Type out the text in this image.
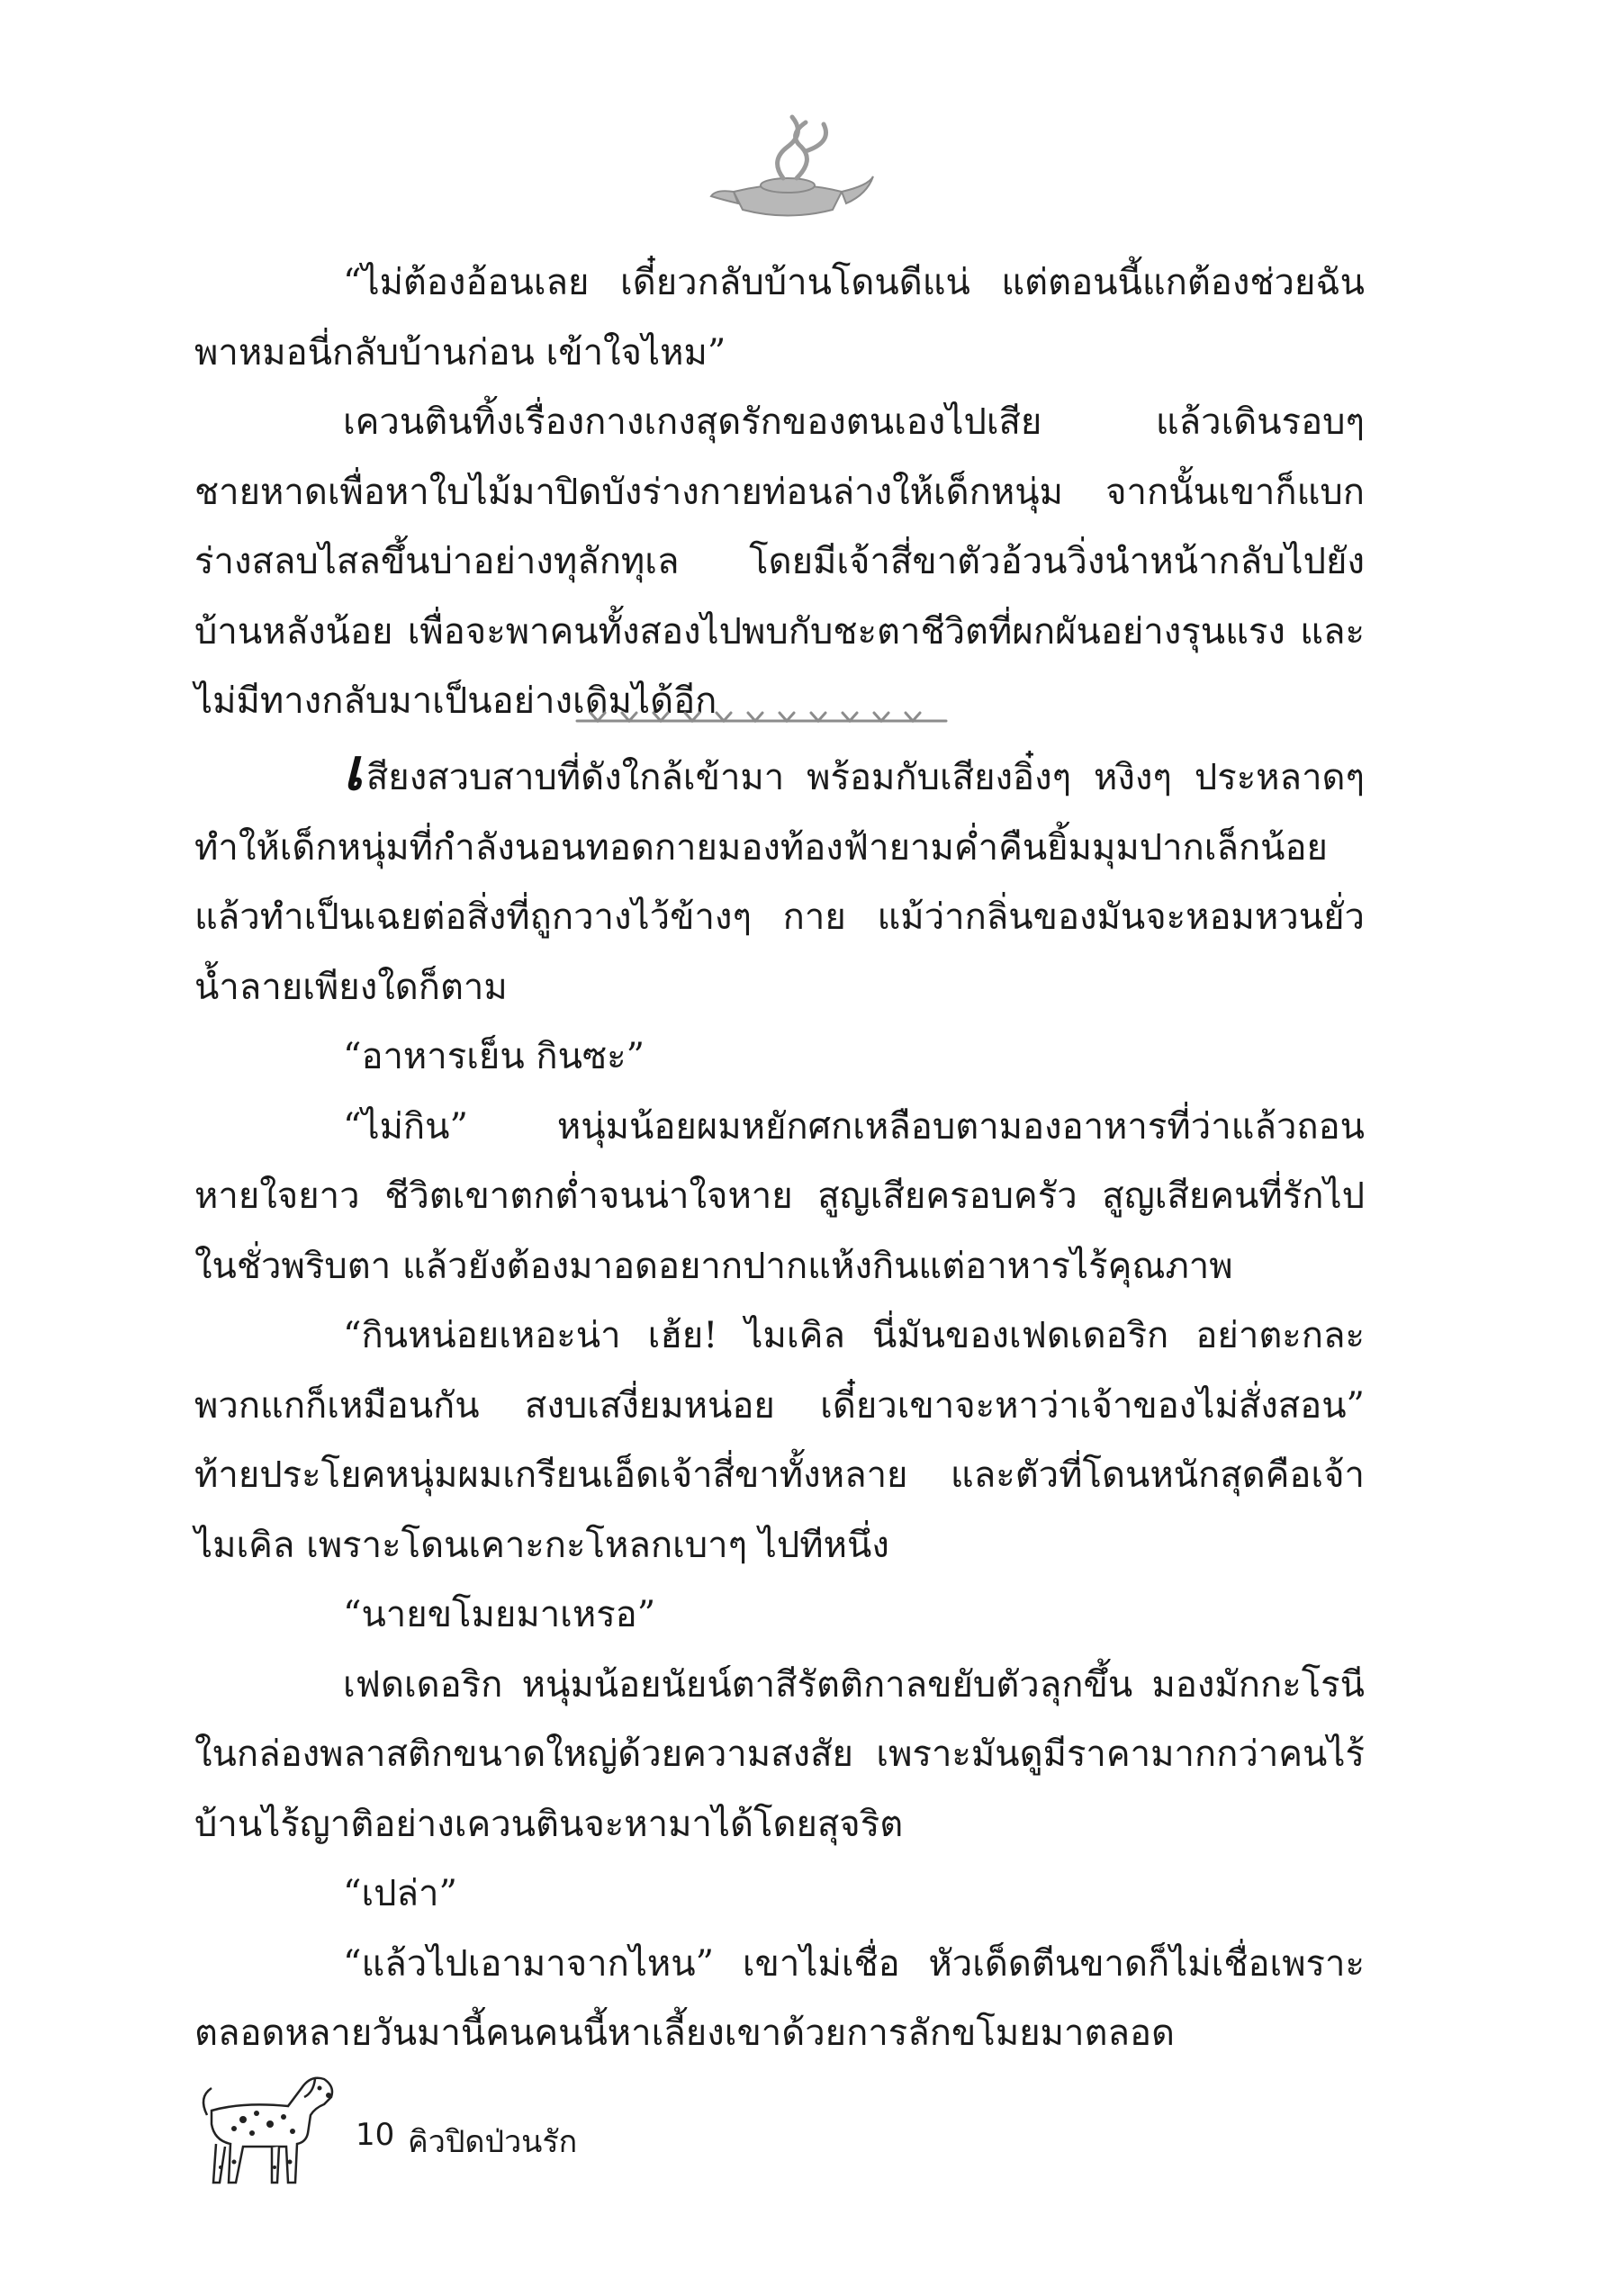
“ไม่ต้องอ้อนเลย เดี๋ยวกลับบ้านโดนดีแน่ แต่ตอนนี้แกต้องช่วยฉันพาหมอนี่กลับบ้านก่อน เข้าใจไหม”

เควนตินทิ้งเรื่องกางเกงสุดรักของตนเองไปเสีย แล้วเดินรอบๆ ชายหาดเพื่อหาใบไม้มาปิดบังร่างกายท่อนล่างให้เด็กหนุ่ม จากนั้นเขาก็แบกร่างสลบไสลขึ้นบ่าอย่างทุลักทุเล โดยมีเจ้าสี่ขาตัวอ้วนวิ่งนำหน้ากลับไปยังบ้านหลังน้อย เพื่อจะพาคนทั้งสองไปพบกับชะตาชีวิตที่ผกผันอย่างรุนแรง และไม่มีทางกลับมาเป็นอย่างเดิมได้อีก

เสียงสวบสาบที่ดังใกล้เข้ามา พร้อมกับเสียงอิ๋งๆ หงิงๆ ประหลาดๆ ทำให้เด็กหนุ่มที่กำลังนอนทอดกายมองท้องฟ้ายามค่ำคืนยิ้มมุมปากเล็กน้อย แล้วทำเป็นเฉยต่อสิ่งที่ถูกวางไว้ข้างๆ กาย แม้ว่ากลิ่นของมันจะหอมหวนยั่วน้ำลายเพียงใดก็ตาม

“อาหารเย็น กินซะ”

“ไม่กิน” หนุ่มน้อยผมหยักศกเหลือบตามองอาหารที่ว่าแล้วถอนหายใจยาว ชีวิตเขาตกต่ำจนน่าใจหาย สูญเสียครอบครัว สูญเสียคนที่รักไปในชั่วพริบตา แล้วยังต้องมาอดอยากปากแห้งกินแต่อาหารไร้คุณภาพ

“กินหน่อยเหอะน่า เฮ้ย! ไมเคิล นี่มันของเฟดเดอริก อย่าตะกละ พวกแกก็เหมือนกัน สงบเสงี่ยมหน่อย เดี๋ยวเขาจะหาว่าเจ้าของไม่สั่งสอน” ท้ายประโยคหนุ่มผมเกรียนเอ็ดเจ้าสี่ขาทั้งหลาย และตัวที่โดนหนักสุดคือเจ้าไมเคิล เพราะโดนเคาะกะโหลกเบาๆ ไปทีหนึ่ง

“นายขโมยมาเหรอ”

เฟดเดอริก หนุ่มน้อยนัยน์ตาสีรัตติกาลขยับตัวลุกขึ้น มองมักกะโรนีในกล่องพลาสติกขนาดใหญ่ด้วยความสงสัย เพราะมันดูมีราคามากกว่าคนไร้บ้านไร้ญาติอย่างเควนตินจะหามาได้โดยสุจริต

“เปล่า”

“แล้วไปเอามาจากไหน” เขาไม่เชื่อ หัวเด็ดตีนขาดก็ไม่เชื่อเพราะตลอดหลายวันมานี้คนคนนี้หาเลี้ยงเขาด้วยการลักขโมยมาตลอด

10 คิวปิดป่วนรัก
